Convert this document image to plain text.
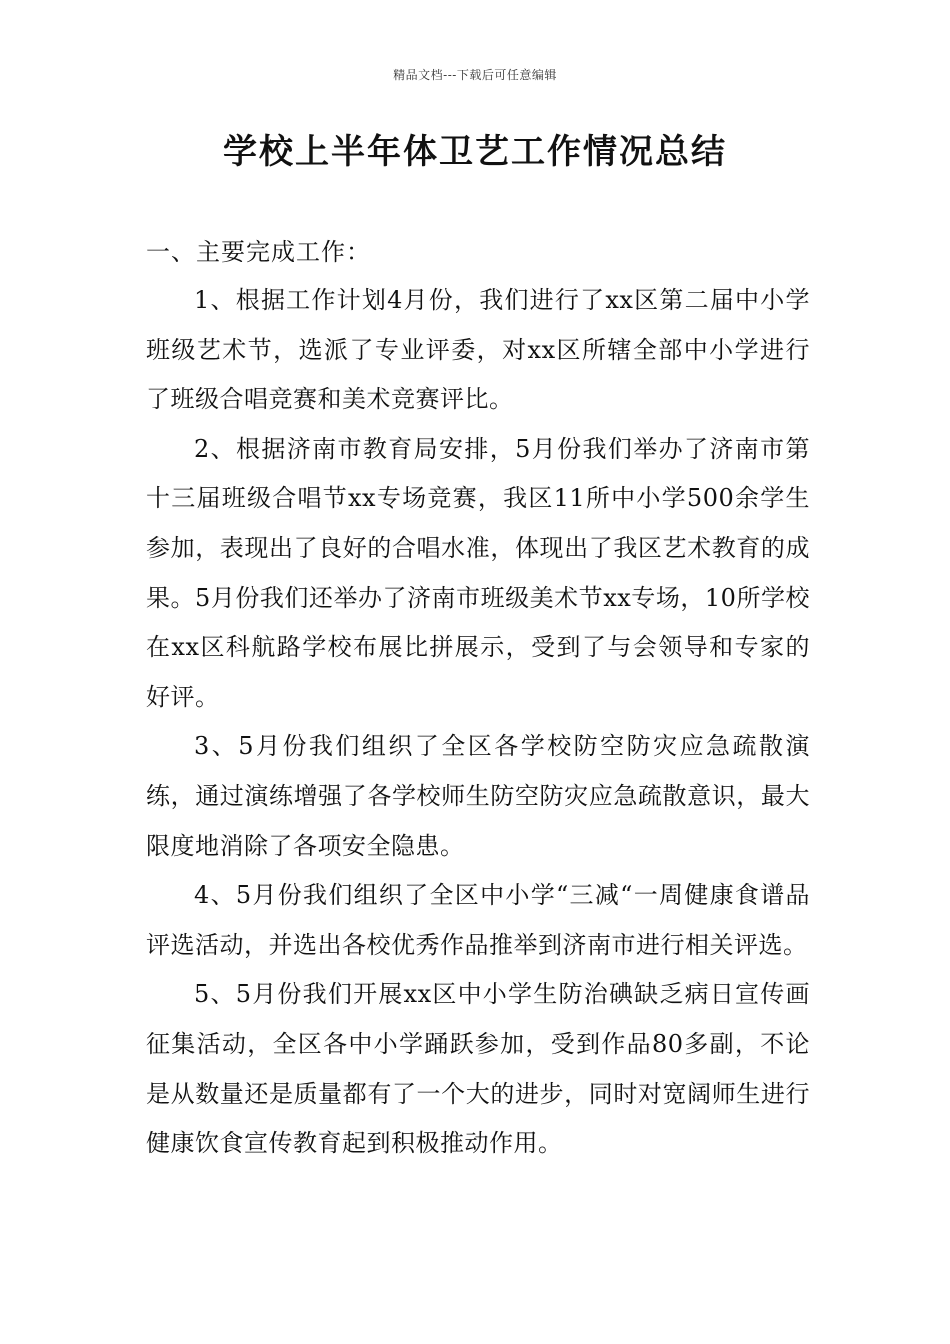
精品文档---下载后可任意编辑
学校上半年体卫艺工作情况总结

一、主要完成工作：

1、根据工作计划4月份，我们进行了xx区第二届中小学班级艺术节，选派了专业评委，对xx区所辖全部中小学进行了班级合唱竞赛和美术竞赛评比。

2、根据济南市教育局安排，5月份我们举办了济南市第十三届班级合唱节xx专场竞赛，我区11所中小学500余学生参加，表现出了良好的合唱水准，体现出了我区艺术教育的成果。5月份我们还举办了济南市班级美术节xx专场，10所学校在xx区科航路学校布展比拼展示，受到了与会领导和专家的好评。

3、5月份我们组织了全区各学校防空防灾应急疏散演练，通过演练增强了各学校师生防空防灾应急疏散意识，最大限度地消除了各项安全隐患。

4、5月份我们组织了全区中小学“三减“一周健康食谱品评选活动，并选出各校优秀作品推举到济南市进行相关评选。

5、5月份我们开展xx区中小学生防治碘缺乏病日宣传画征集活动，全区各中小学踊跃参加，受到作品80多副，不论是从数量还是质量都有了一个大的进步，同时对宽阔师生进行健康饮食宣传教育起到积极推动作用。
